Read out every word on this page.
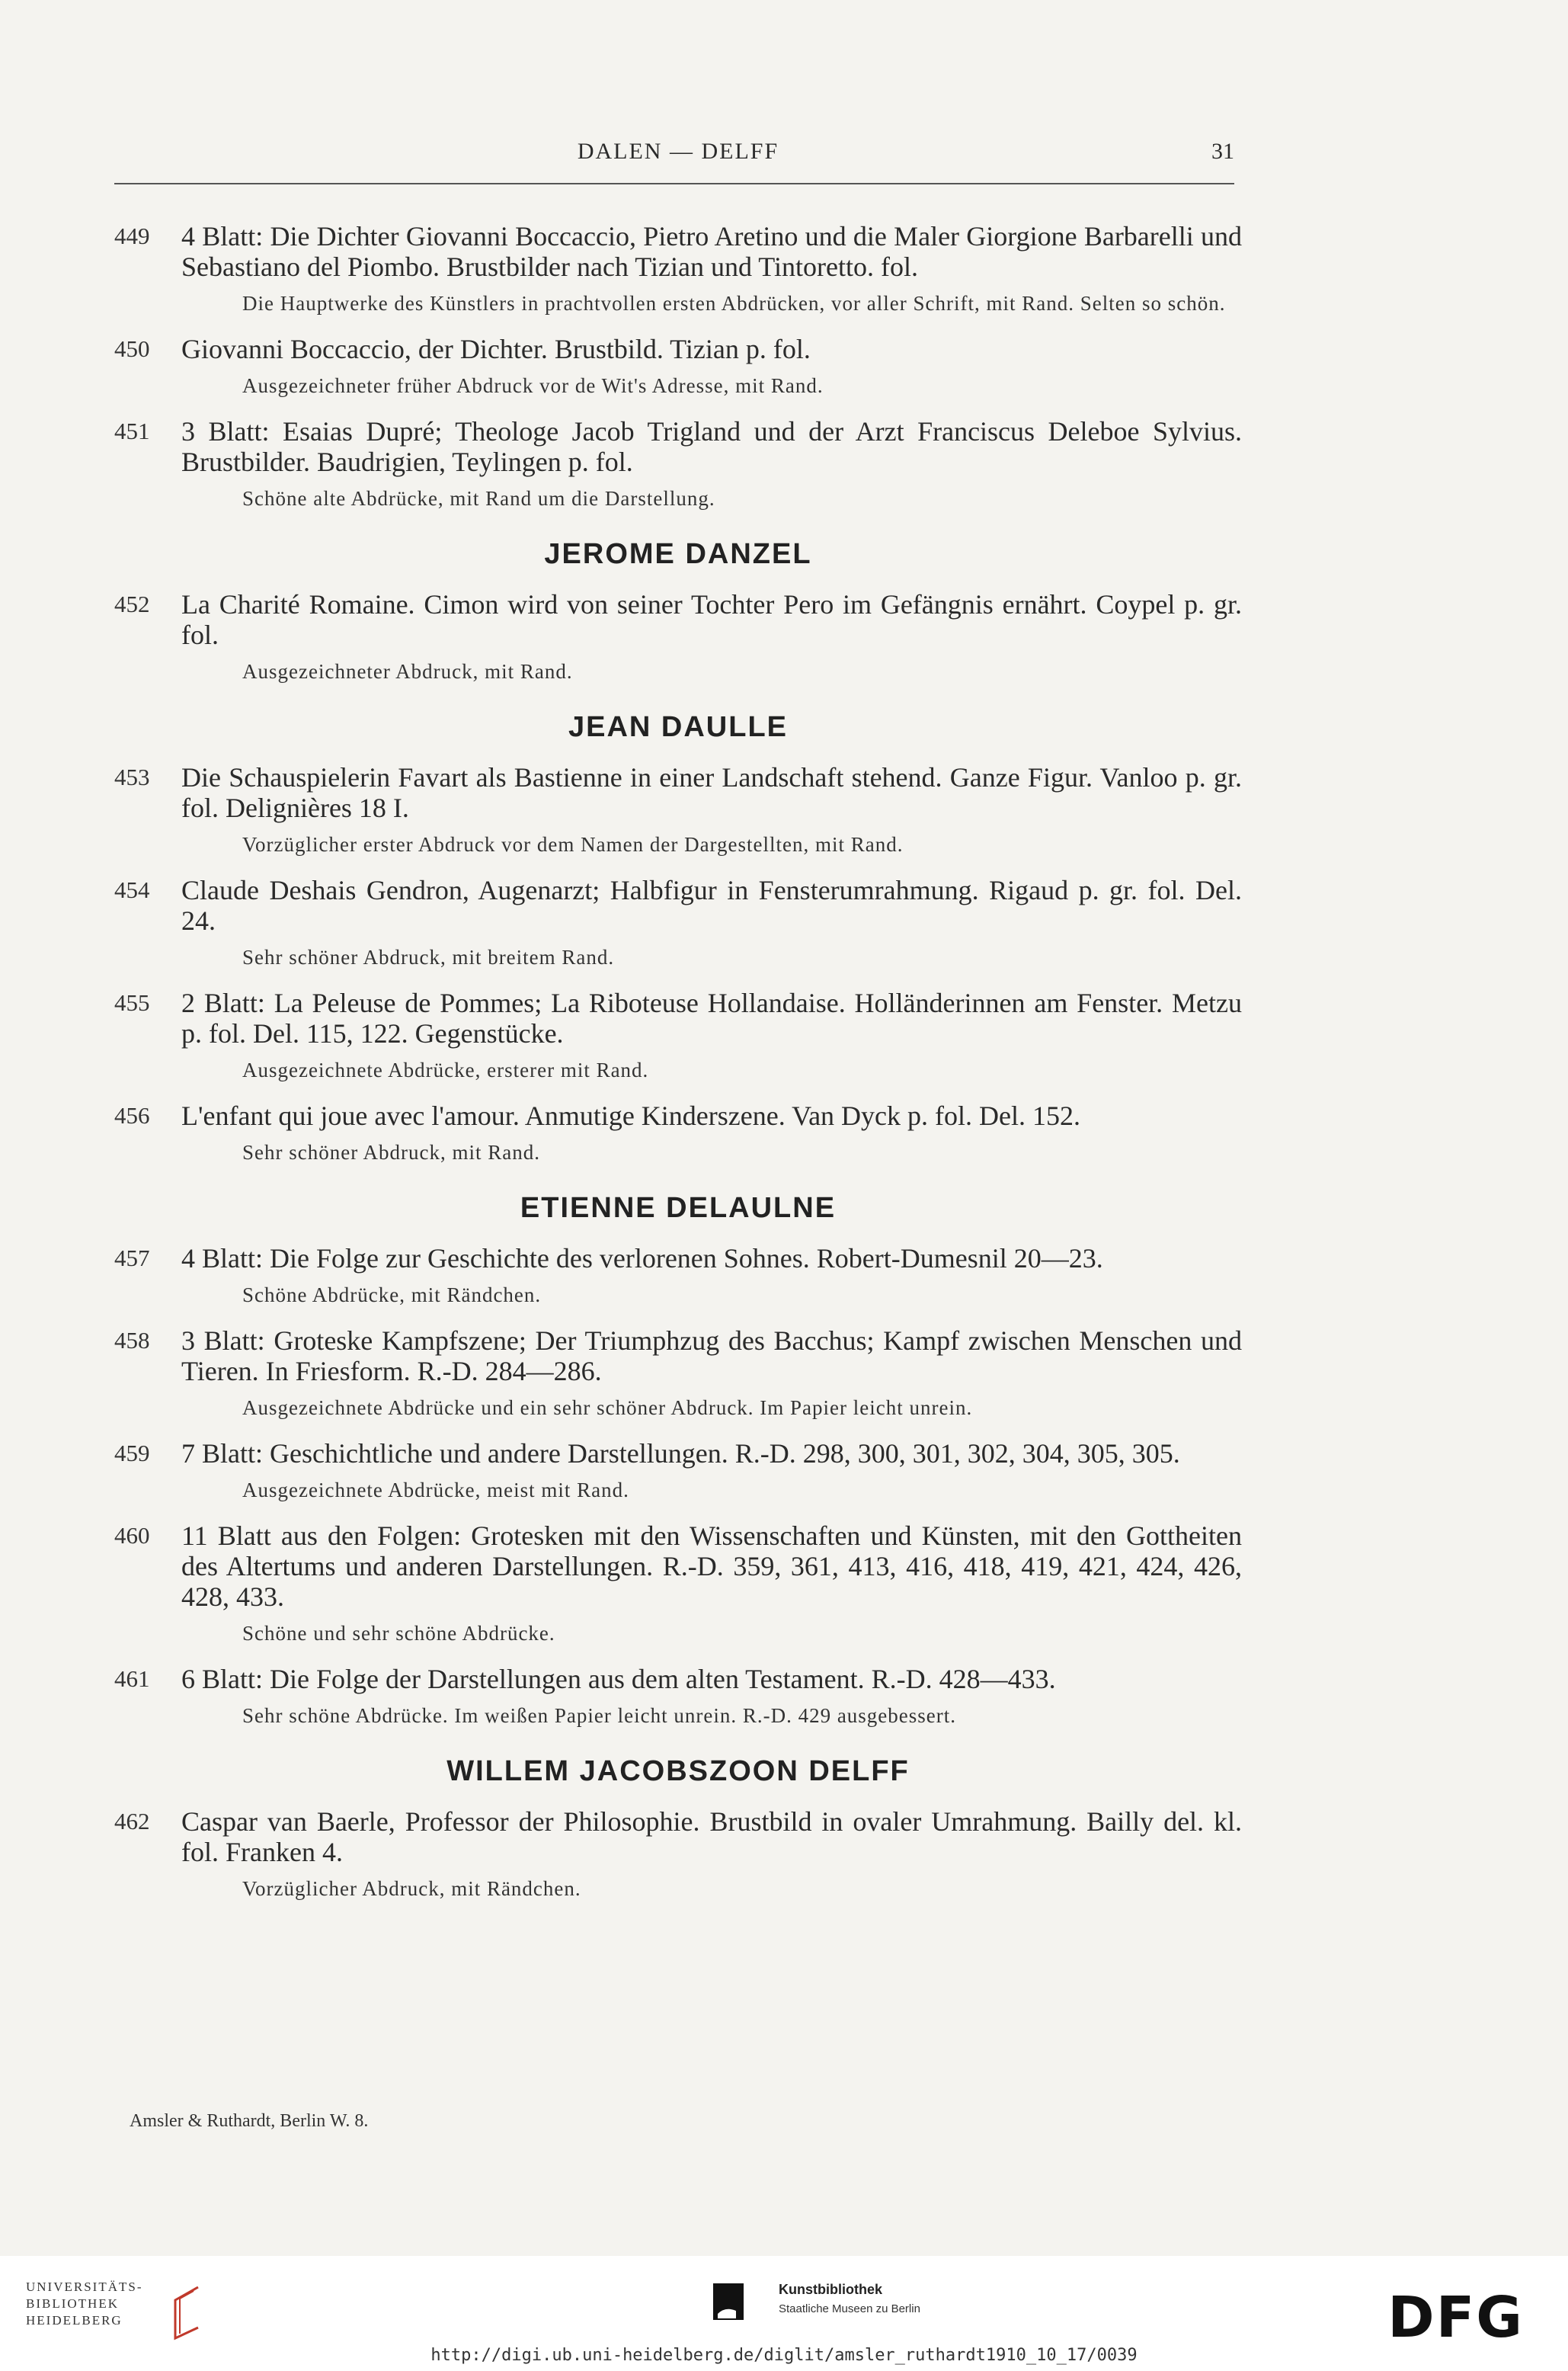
DALEN — DELFF	31
449	4 Blatt: Die Dichter Giovanni Boccaccio, Pietro Aretino und die Maler Giorgione Barbarelli und Sebastiano del Piombo. Brustbilder nach Tizian und Tintoretto. fol.

Die Hauptwerke des Künstlers in prachtvollen ersten Abdrücken, vor aller Schrift, mit Rand. Selten so schön.
450	Giovanni Boccaccio, der Dichter. Brustbild. Tizian p. fol.

Ausgezeichneter früher Abdruck vor de Wit's Adresse, mit Rand.
451	3 Blatt: Esaias Dupré; Theologe Jacob Trigland und der Arzt Franciscus Deleboe Sylvius. Brustbilder. Baudrigien, Teylingen p. fol.

Schöne alte Abdrücke, mit Rand um die Darstellung.
JEROME DANZEL
452	La Charité Romaine. Cimon wird von seiner Tochter Pero im Gefängnis ernährt. Coypel p. gr. fol.

Ausgezeichneter Abdruck, mit Rand.
JEAN DAULLE
453	Die Schauspielerin Favart als Bastienne in einer Landschaft stehend. Ganze Figur. Vanloo p. gr. fol. Delignières 18 I.

Vorzüglicher erster Abdruck vor dem Namen der Dargestellten, mit Rand.
454	Claude Deshais Gendron, Augenarzt; Halbfigur in Fensterumrahmung. Rigaud p. gr. fol. Del. 24.

Sehr schöner Abdruck, mit breitem Rand.
455	2 Blatt: La Peleuse de Pommes; La Riboteuse Hollandaise. Holländerinnen am Fenster. Metzu p. fol. Del. 115, 122. Gegenstücke.

Ausgezeichnete Abdrücke, ersterer mit Rand.
456	L'enfant qui joue avec l'amour. Anmutige Kinderszene. Van Dyck p. fol. Del. 152.

Sehr schöner Abdruck, mit Rand.
ETIENNE DELAULNE
457	4 Blatt: Die Folge zur Geschichte des verlorenen Sohnes. Robert-Dumesnil 20—23.

Schöne Abdrücke, mit Rändchen.
458	3 Blatt: Groteske Kampfszene; Der Triumphzug des Bacchus; Kampf zwischen Menschen und Tieren. In Friesform. R.-D. 284—286.

Ausgezeichnete Abdrücke und ein sehr schöner Abdruck. Im Papier leicht unrein.
459	7 Blatt: Geschichtliche und andere Darstellungen. R.-D. 298, 300, 301, 302, 304, 305, 305.

Ausgezeichnete Abdrücke, meist mit Rand.
460	11 Blatt aus den Folgen: Grotesken mit den Wissenschaften und Künsten, mit den Gottheiten des Altertums und anderen Darstellungen. R.-D. 359, 361, 413, 416, 418, 419, 421, 424, 426, 428, 433.

Schöne und sehr schöne Abdrücke.
461	6 Blatt: Die Folge der Darstellungen aus dem alten Testament. R.-D. 428—433.

Sehr schöne Abdrücke. Im weißen Papier leicht unrein. R.-D. 429 ausgebessert.
WILLEM JACOBSZOON DELFF
462	Caspar van Baerle, Professor der Philosophie. Brustbild in ovaler Umrahmung. Bailly del. kl. fol. Franken 4.

Vorzüglicher Abdruck, mit Rändchen.
Amsler & Ruthardt, Berlin W. 8.
UNIVERSITÄTS-
BIBLIOTHEK
HEIDELBERG
Kunstbibliothek
Staatliche Museen zu Berlin	DFG
http://digi.ub.uni-heidelberg.de/diglit/amsler_ruthardt1910_10_17/0039
